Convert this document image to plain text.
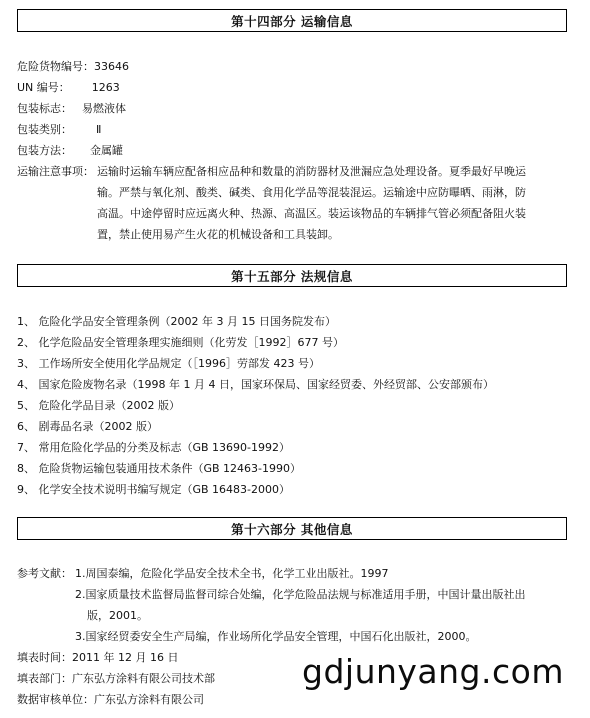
第十四部分 运输信息
危险货物编号：33646
UN 编号： 1263
包装标志： 易燃液体
包装类别： Ⅱ
包装方法： 金属罐
运输注意事项： 运输时运输车辆应配备相应品种和数量的消防器材及泄漏应急处理设备。夏季最好早晚运
输。严禁与氧化剂、酸类、碱类、食用化学品等混装混运。运输途中应防曝晒、雨淋，防
高温。中途停留时应远离火种、热源、高温区。装运该物品的车辆排气管必须配备阻火装
置，禁止使用易产生火花的机械设备和工具装卸。
第十五部分 法规信息
1、 危险化学品安全管理条例（2002 年 3 月 15 日国务院发布）
2、 化学危险品安全管理条理实施细则（化劳发［1992］677 号）
3、 工作场所安全使用化学品规定（［1996］劳部发 423 号）
4、 国家危险废物名录（1998 年 1 月 4 日，国家环保局、国家经贸委、外经贸部、公安部颁布）
5、 危险化学品目录（2002 版）
6、 剧毒品名录（2002 版）
7、 常用危险化学品的分类及标志（GB 13690-1992）
8、 危险货物运输包装通用技术条件（GB 12463-1990）
9、 化学安全技术说明书编写规定（GB 16483-2000）
第十六部分 其他信息
参考文献： 1.周国泰编，危险化学品安全技术全书，化学工业出版社。1997
2.国家质量技术监督局监督司综合处编，化学危险品法规与标准适用手册，中国计量出版社出
版，2001。
3.国家经贸委安全生产局编，作业场所化学品安全管理，中国石化出版社，2000。
填表时间：2011 年 12 月 16 日
填表部门：广东弘方涂料有限公司技术部
数据审核单位：广东弘方涂料有限公司
gdjunyang.com
